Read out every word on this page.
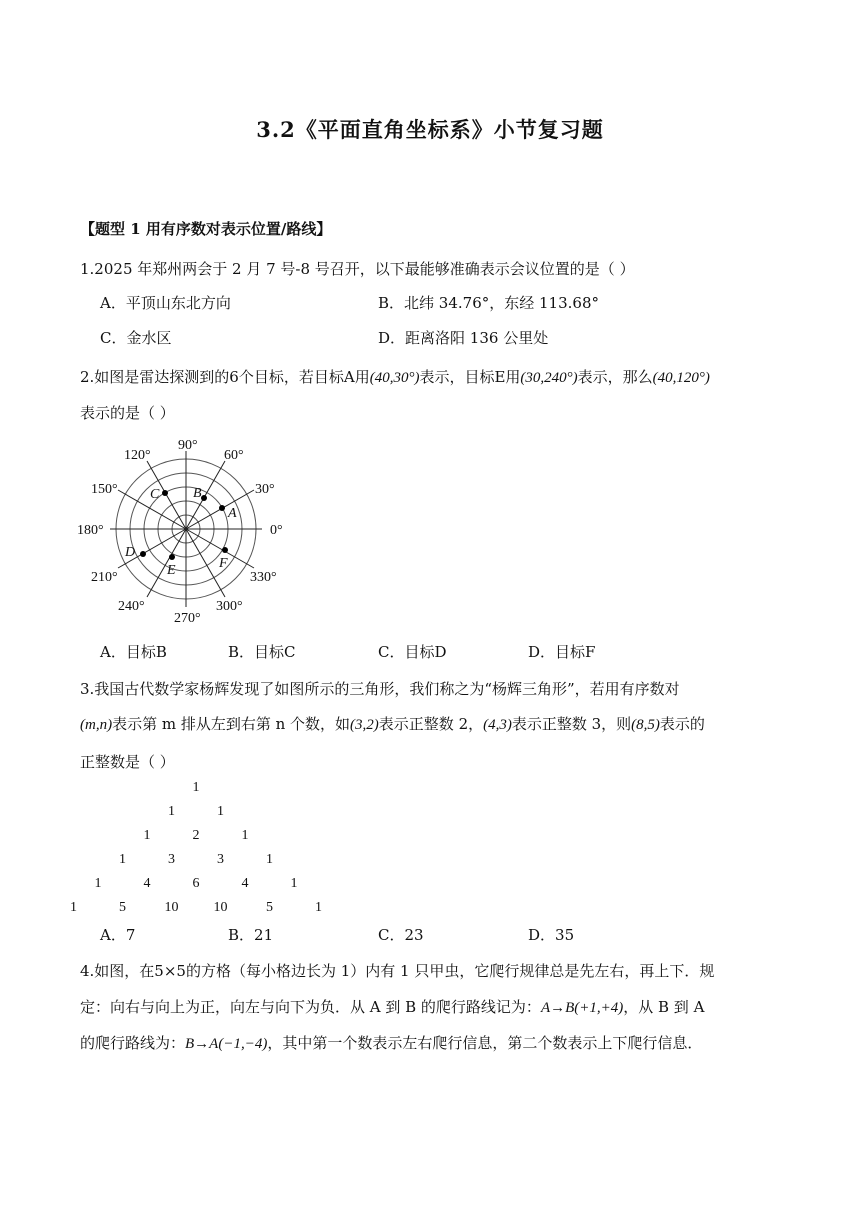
3.2《平面直角坐标系》小节复习题
【题型 1 用有序数对表示位置/路线】
1.2025 年郑州两会于 2 月 7 号-8 号召开，以下最能够准确表示会议位置的是（ ）
A．平顶山东北方向	B．北纬 34.76°，东经 113.68°
C．金水区	D．距离洛阳 136 公里处
2.如图是雷达探测到的6个目标，若目标A用(40,30°)表示，目标E用(30,240°)表示，那么(40,120°)
表示的是（ ）
90°
60°
120°
30°
150°
180°	0°
210°	330°
240°	300°
270°
A
B
C
D
E	F
A．目标B	B．目标C	C．目标D	D．目标F
3.我国古代数学家杨辉发现了如图所示的三角形，我们称之为“杨辉三角形”，若用有序数对
(m,n)表示第 m 排从左到右第 n 个数，如(3,2)表示正整数 2，(4,3)表示正整数 3，则(8,5)表示的
正整数是（ ）
1
1	1
1	2	1
1	3	3	1
1	4	6	4	1
1	5	10	10	5	1
A．7	B．21	C．23	D．35
4.如图，在5×5的方格（每小格边长为 1）内有 1 只甲虫，它爬行规律总是先左右，再上下．规
定：向右与向上为正，向左与向下为负．从 A 到 B 的爬行路线记为：A→B(+1,+4)，从 B 到 A
的爬行路线为：B→A(−1,−4)，其中第一个数表示左右爬行信息，第二个数表示上下爬行信息．
